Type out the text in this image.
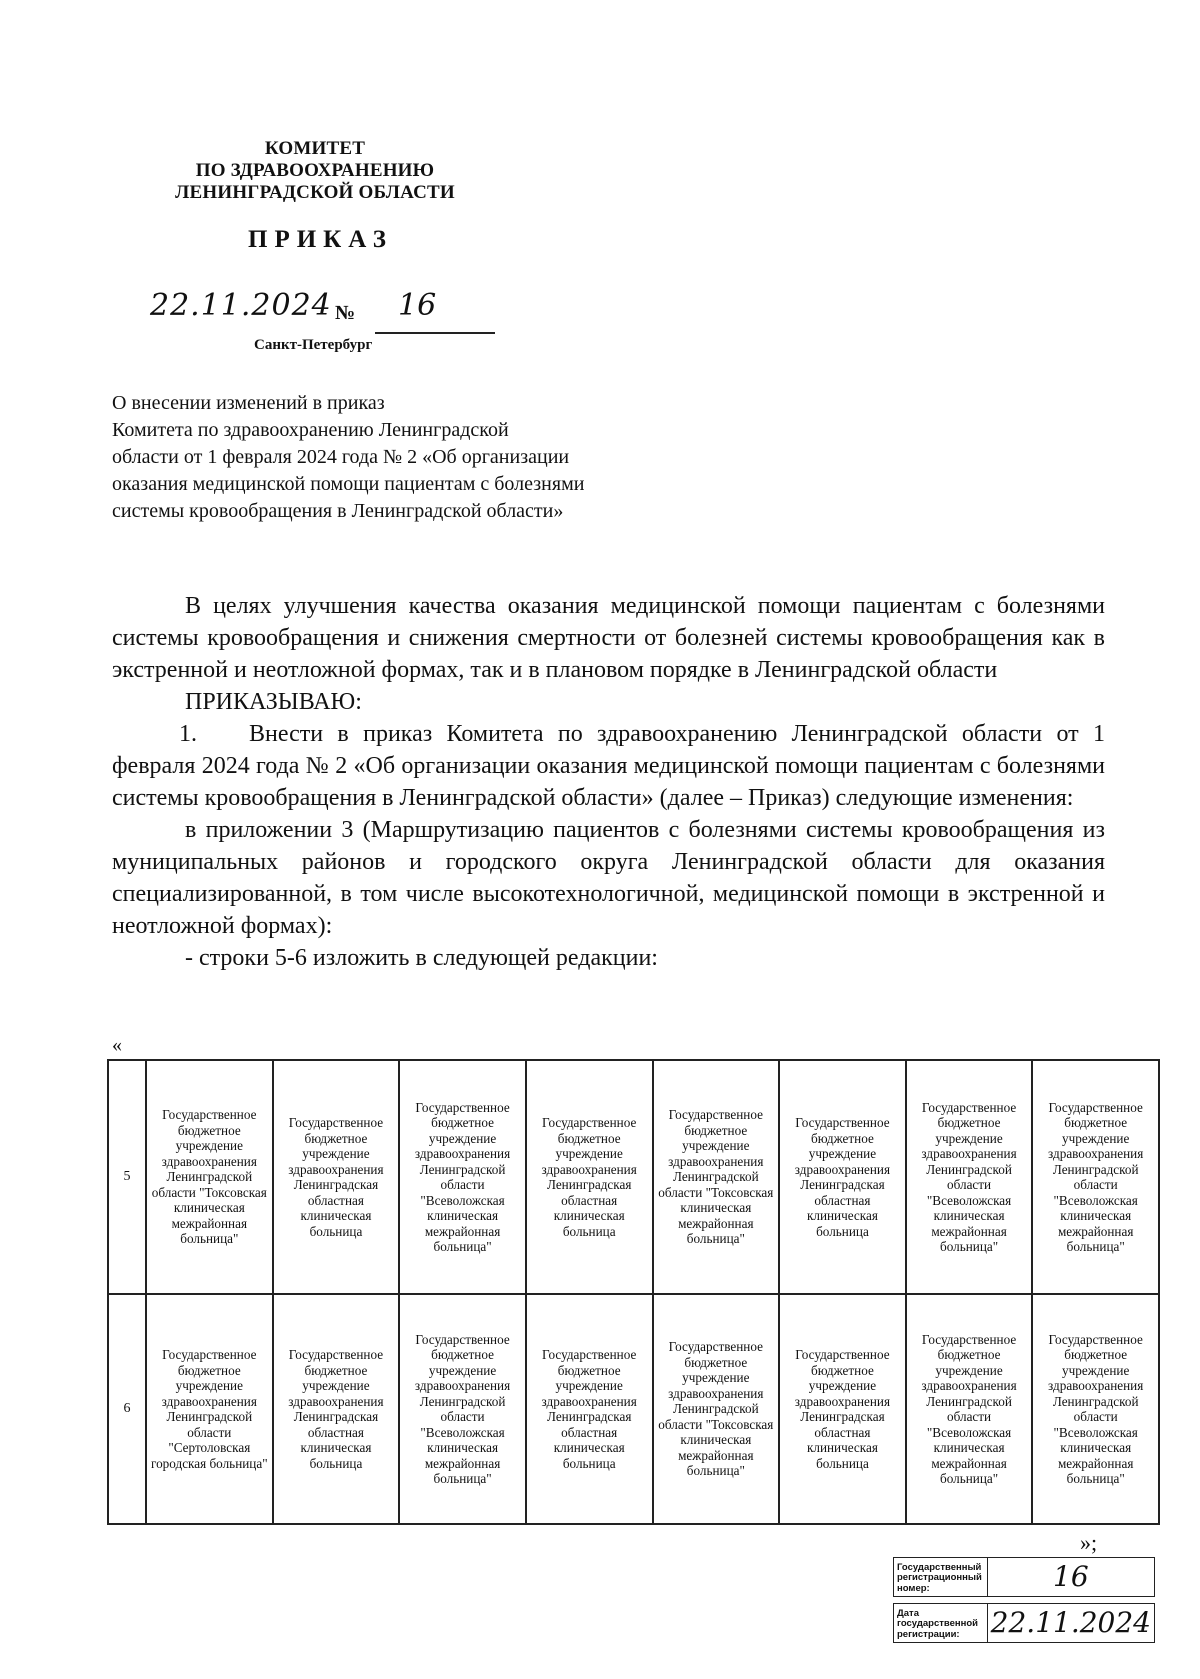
КОМИТЕТ
ПО ЗДРАВООХРАНЕНИЮ
ЛЕНИНГРАДСКОЙ ОБЛАСТИ
ПРИКАЗ
22.11.2024 № 16
Санкт-Петербург
О внесении изменений в приказ
Комитета по здравоохранению Ленинградской
области от 1 февраля 2024 года № 2 «Об организации
оказания медицинской помощи пациентам с болезнями
системы кровообращения в Ленинградской области»

В целях улучшения качества оказания медицинской помощи пациентам с болезнями системы кровообращения и снижения смертности от болезней системы кровообращения как в экстренной и неотложной формах, так и в плановом порядке в Ленинградской области

ПРИКАЗЫВАЮ:

1. Внести в приказ Комитета по здравоохранению Ленинградской области от 1 февраля 2024 года № 2 «Об организации оказания медицинской помощи пациентам с болезнями системы кровообращения в Ленинградской области» (далее – Приказ) следующие изменения:

в приложении 3 (Маршрутизацию пациентов с болезнями системы кровообращения из муниципальных районов и городского округа Ленинградской области для оказания специализированной, в том числе высокотехнологичной, медицинской помощи в экстренной и неотложной формах):

- строки 5-6 изложить в следующей редакции:

«
5	Государственное бюджетное учреждение здравоохранения Ленинградской области "Токсовская клиническая межрайонная больница"	Государственное бюджетное учреждение здравоохранения Ленинградская областная клиническая больница	Государственное бюджетное учреждение здравоохранения Ленинградской области "Всеволожская клиническая межрайонная больница"	Государственное бюджетное учреждение здравоохранения Ленинградская областная клиническая больница	Государственное бюджетное учреждение здравоохранения Ленинградской области "Токсовская клиническая межрайонная больница"	Государственное бюджетное учреждение здравоохранения Ленинградская областная клиническая больница	Государственное бюджетное учреждение здравоохранения Ленинградской области "Всеволожская клиническая межрайонная больница"	Государственное бюджетное учреждение здравоохранения Ленинградской области "Всеволожская клиническая межрайонная больница"
6	Государственное бюджетное учреждение здравоохранения Ленинградской области "Сертоловская городская больница"	Государственное бюджетное учреждение здравоохранения Ленинградская областная клиническая больница	Государственное бюджетное учреждение здравоохранения Ленинградской области "Всеволожская клиническая межрайонная больница"	Государственное бюджетное учреждение здравоохранения Ленинградская областная клиническая больница	Государственное бюджетное учреждение здравоохранения Ленинградской области "Токсовская клиническая межрайонная больница"	Государственное бюджетное учреждение здравоохранения Ленинградская областная клиническая больница	Государственное бюджетное учреждение здравоохранения Ленинградской области "Всеволожская клиническая межрайонная больница"	Государственное бюджетное учреждение здравоохранения Ленинградской области "Всеволожская клиническая межрайонная больница"
»;
Государственный регистрационный номер:	16

Дата государственной регистрации:	22.11.2024
